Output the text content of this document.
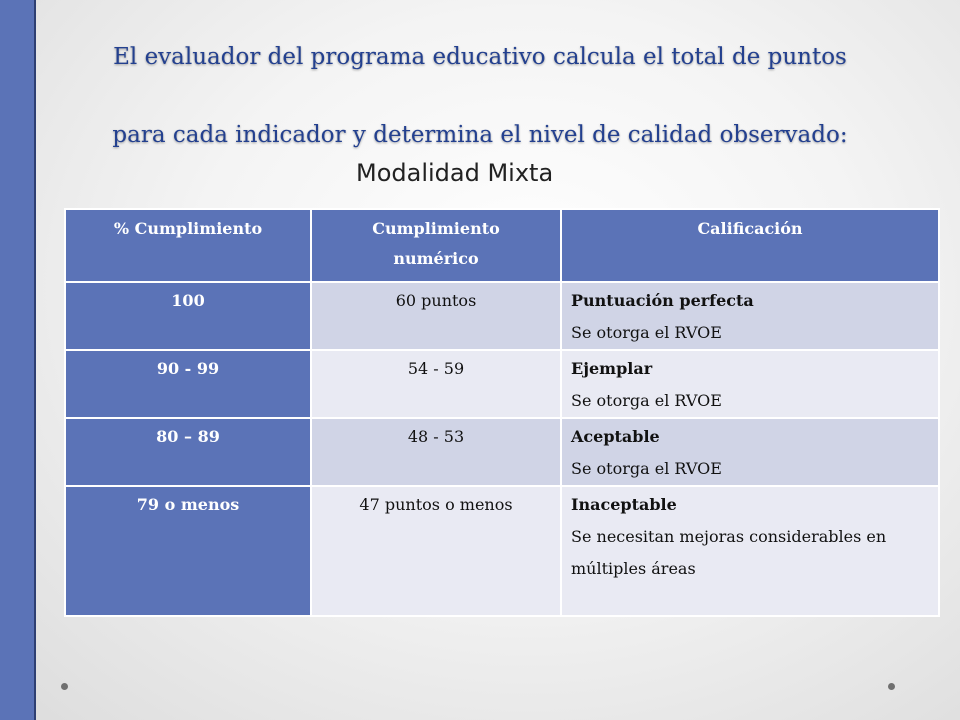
El evaluador del programa educativo calcula el total de puntos
para cada indicador y determina el nivel de calidad observado:
Modalidad Mixta
% Cumplimiento	Cumplimiento numérico	Calificación
100	60 puntos	Puntuación perfecta
Se otorga el RVOE

90 - 99	54 - 59	Ejemplar
Se otorga el RVOE

80 – 89	48 - 53	Aceptable
Se otorga el RVOE

79 o menos	47 puntos o menos	Inaceptable
Se necesitan mejoras considerables en múltiples áreas
